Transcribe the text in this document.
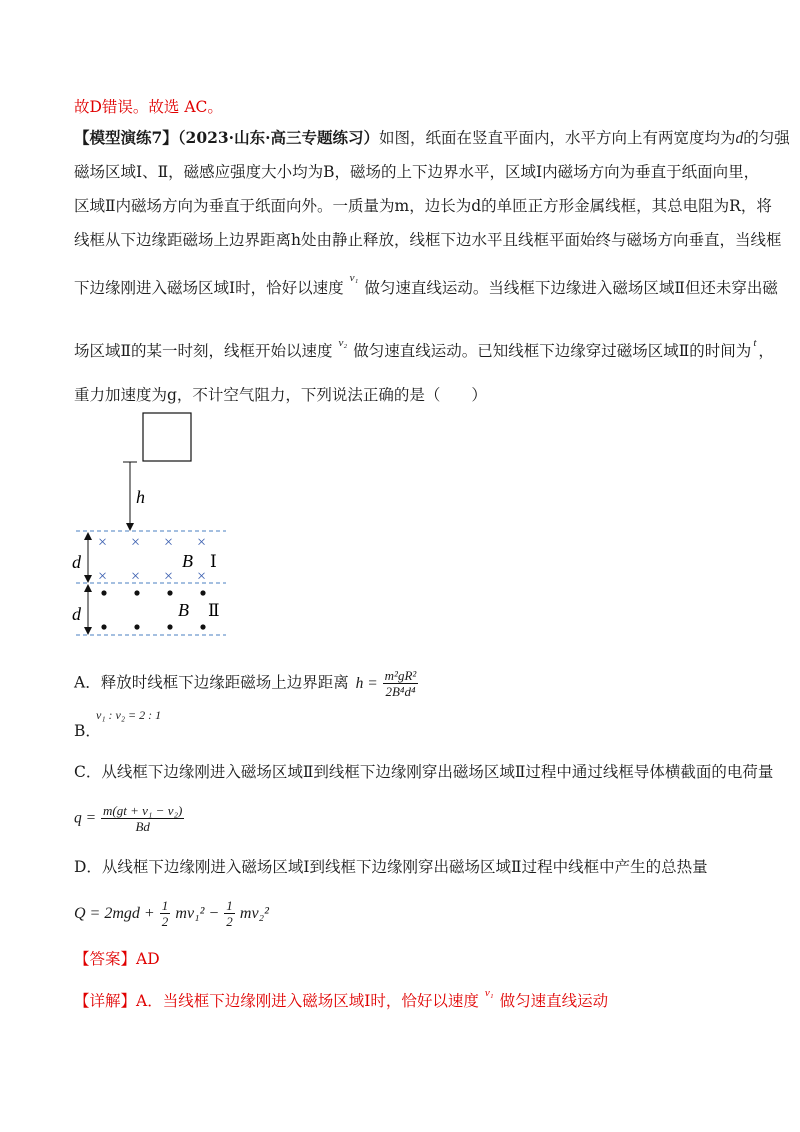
故D错误。故选 AC。
【模型演练7】（2023·山东·高三专题练习）如图，纸面在竖直平面内，水平方向上有两宽度均为d的匀强
磁场区域Ⅰ、Ⅱ，磁感应强度大小均为B，磁场的上下边界水平，区域Ⅰ内磁场方向为垂直于纸面向里，
区域Ⅱ内磁场方向为垂直于纸面向外。一质量为m，边长为d的单匝正方形金属线框，其总电阻为R，将
线框从下边缘距磁场上边界距离h处由静止释放，线框下边水平且线框平面始终与磁场方向垂直，当线框
下边缘刚进入磁场区域Ⅰ时，恰好以速度$^{v_1}$做匀速直线运动。当线框下边缘进入磁场区域Ⅱ但还未穿出磁
场区域Ⅱ的某一时刻，线框开始以速度 $^{v_2}$ 做匀速直线运动。已知线框下边缘穿过磁场区域Ⅱ的时间为 $^t$ ，
重力加速度为g，不计空气阻力，下列说法正确的是（　　）
h
d
d
× × × ×
× × × ×
B Ⅰ
B Ⅱ
A．释放时线框下边缘距磁场上边界距离 $h = \frac{\text{m²gR²}}{\text{2B⁴d⁴}}$
v₁ : v₂ = 2 : 1
B．
C．从线框下边缘刚进入磁场区域Ⅱ到线框下边缘刚穿出磁场区域Ⅱ过程中通过线框导体横截面的电荷量
$q = \frac{\text{m(gt + v₁ − v₂)}}{Bd}$
D．从线框下边缘刚进入磁场区域Ⅰ到线框下边缘刚穿出磁场区域Ⅱ过程中线框中产生的总热量
$Q = 2mgd + \frac{1}{2} mv_1^2 - \frac{1}{2} mv_2^2$
【答案】AD
【详解】A．当线框下边缘刚进入磁场区域Ⅰ时，恰好以速度 $^{v_1}$ 做匀速直线运动
